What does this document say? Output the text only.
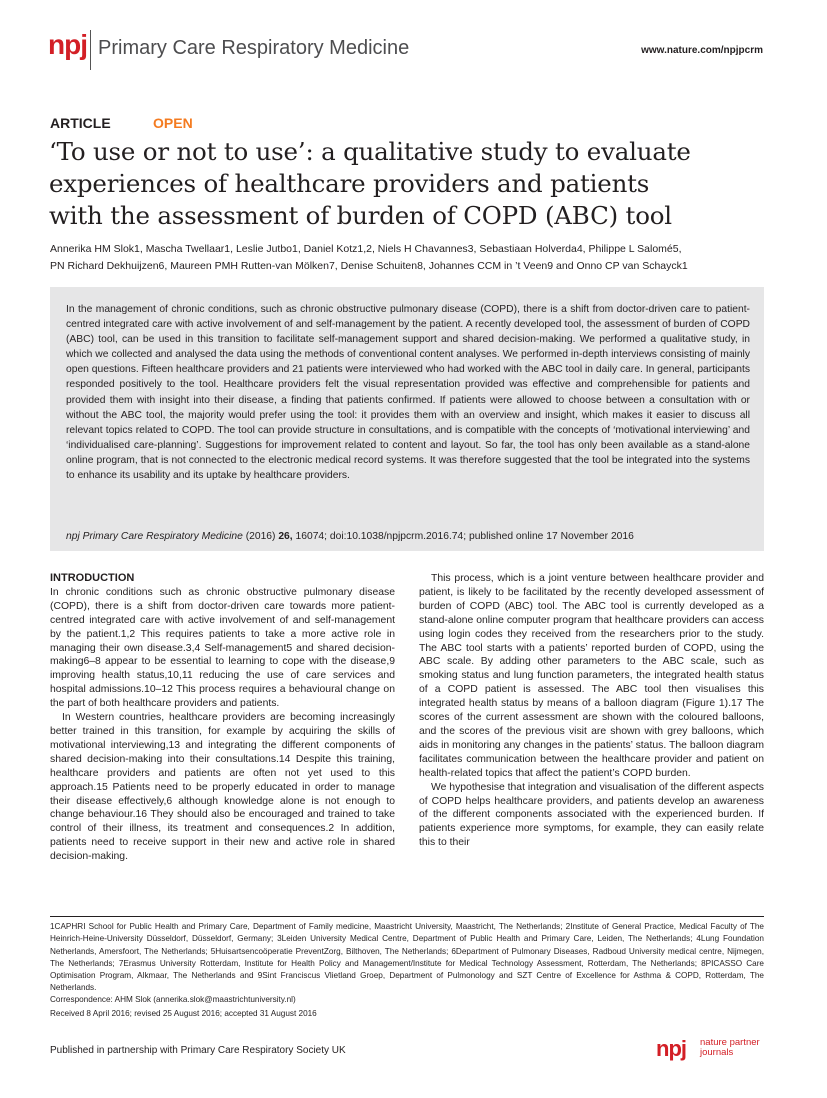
npj Primary Care Respiratory Medicine	www.nature.com/npjpcrm
ARTICLE	OPEN
‘To use or not to use’: a qualitative study to evaluate
experiences of healthcare providers and patients
with the assessment of burden of COPD (ABC) tool
Annerika HM Slok1, Mascha Twellaar1, Leslie Jutbo1, Daniel Kotz1,2, Niels H Chavannes3, Sebastiaan Holverda4, Philippe L Salomé5,
PN Richard Dekhuijzen6, Maureen PMH Rutten-van Mölken7, Denise Schuiten8, Johannes CCM in ’t Veen9 and Onno CP van Schayck1
In the management of chronic conditions, such as chronic obstructive pulmonary disease (COPD), there is a shift from doctor-driven care to patient-centred integrated care with active involvement of and self-management by the patient. A recently developed tool, the assessment of burden of COPD (ABC) tool, can be used in this transition to facilitate self-management support and shared decision-making. We performed a qualitative study, in which we collected and analysed the data using the methods of conventional content analyses. We performed in-depth interviews consisting of mainly open questions. Fifteen healthcare providers and 21 patients were interviewed who had worked with the ABC tool in daily care. In general, participants responded positively to the tool. Healthcare providers felt the visual representation provided was effective and comprehensible for patients and provided them with insight into their disease, a finding that patients confirmed. If patients were allowed to choose between a consultation with or without the ABC tool, the majority would prefer using the tool: it provides them with an overview and insight, which makes it easier to discuss all relevant topics related to COPD. The tool can provide structure in consultations, and is compatible with the concepts of ‘motivational interviewing’ and ‘individualised care-planning’. Suggestions for improvement related to content and layout. So far, the tool has only been available as a stand-alone online program, that is not connected to the electronic medical record systems. It was therefore suggested that the tool be integrated into the systems to enhance its usability and its uptake by healthcare providers.
npj Primary Care Respiratory Medicine (2016) 26, 16074; doi:10.1038/npjpcrm.2016.74; published online 17 November 2016

INTRODUCTION

In chronic conditions such as chronic obstructive pulmonary disease (COPD), there is a shift from doctor-driven care towards more patient-centred integrated care with active involvement of and self-management by the patient.1,2 This requires patients to take a more active role in managing their own disease.3,4 Self-management5 and shared decision-making6–8 appear to be essential to learning to cope with the disease,9 improving health status,10,11 reducing the use of care services and hospital admissions.10–12 This process requires a behavioural change on the part of both healthcare providers and patients.

In Western countries, healthcare providers are becoming increasingly better trained in this transition, for example by acquiring the skills of motivational interviewing,13 and integrating the different components of shared decision-making into their consultations.14 Despite this training, healthcare providers and patients are often not yet used to this approach.15 Patients need to be properly educated in order to manage their disease effectively,6 although knowledge alone is not enough to change behaviour.16 They should also be encouraged and trained to take control of their illness, its treatment and consequences.2 In addition, patients need to receive support in their new and active role in shared decision-making.

This process, which is a joint venture between healthcare provider and patient, is likely to be facilitated by the recently developed assessment of burden of COPD (ABC) tool. The ABC tool is currently developed as a stand-alone online computer program that healthcare providers can access using login codes they received from the researchers prior to the study. The ABC tool starts with a patients’ reported burden of COPD, using the ABC scale. By adding other parameters to the ABC scale, such as smoking status and lung function parameters, the integrated health status of a COPD patient is assessed. The ABC tool then visualises this integrated health status by means of a balloon diagram (Figure 1).17 The scores of the current assessment are shown with the coloured balloons, and the scores of the previous visit are shown with grey balloons, which aids in monitoring any changes in the patients’ status. The balloon diagram facilitates communication between the healthcare provider and patient on health-related topics that affect the patient’s COPD burden.

We hypothesise that integration and visualisation of the different aspects of COPD helps healthcare providers, and patients develop an awareness of the different components associated with the experienced burden. If patients experience more symptoms, for example, they can easily relate this to their

1CAPHRI School for Public Health and Primary Care, Department of Family medicine, Maastricht University, Maastricht, The Netherlands; 2Institute of General Practice, Medical Faculty of The Heinrich-Heine-University Düsseldorf, Düsseldorf, Germany; 3Leiden University Medical Centre, Department of Public Health and Primary Care, Leiden, The Netherlands; 4Lung Foundation Netherlands, Amersfoort, The Netherlands; 5Huisartsencoöperatie PreventZorg, Bilthoven, The Netherlands; 6Department of Pulmonary Diseases, Radboud University medical centre, Nijmegen, The Netherlands; 7Erasmus University Rotterdam, Institute for Health Policy and Management/Institute for Medical Technology Assessment, Rotterdam, The Netherlands; 8PICASSO Care Optimisation Program, Alkmaar, The Netherlands and 9Sint Franciscus Vlietland Groep, Department of Pulmonology and SZT Centre of Excellence for Asthma & COPD, Rotterdam, The Netherlands.
Correspondence: AHM Slok (annerika.slok@maastrichtuniversity.nl)
Received 8 April 2016; revised 25 August 2016; accepted 31 August 2016
Published in partnership with Primary Care Respiratory Society UK	npj nature partner
journals
